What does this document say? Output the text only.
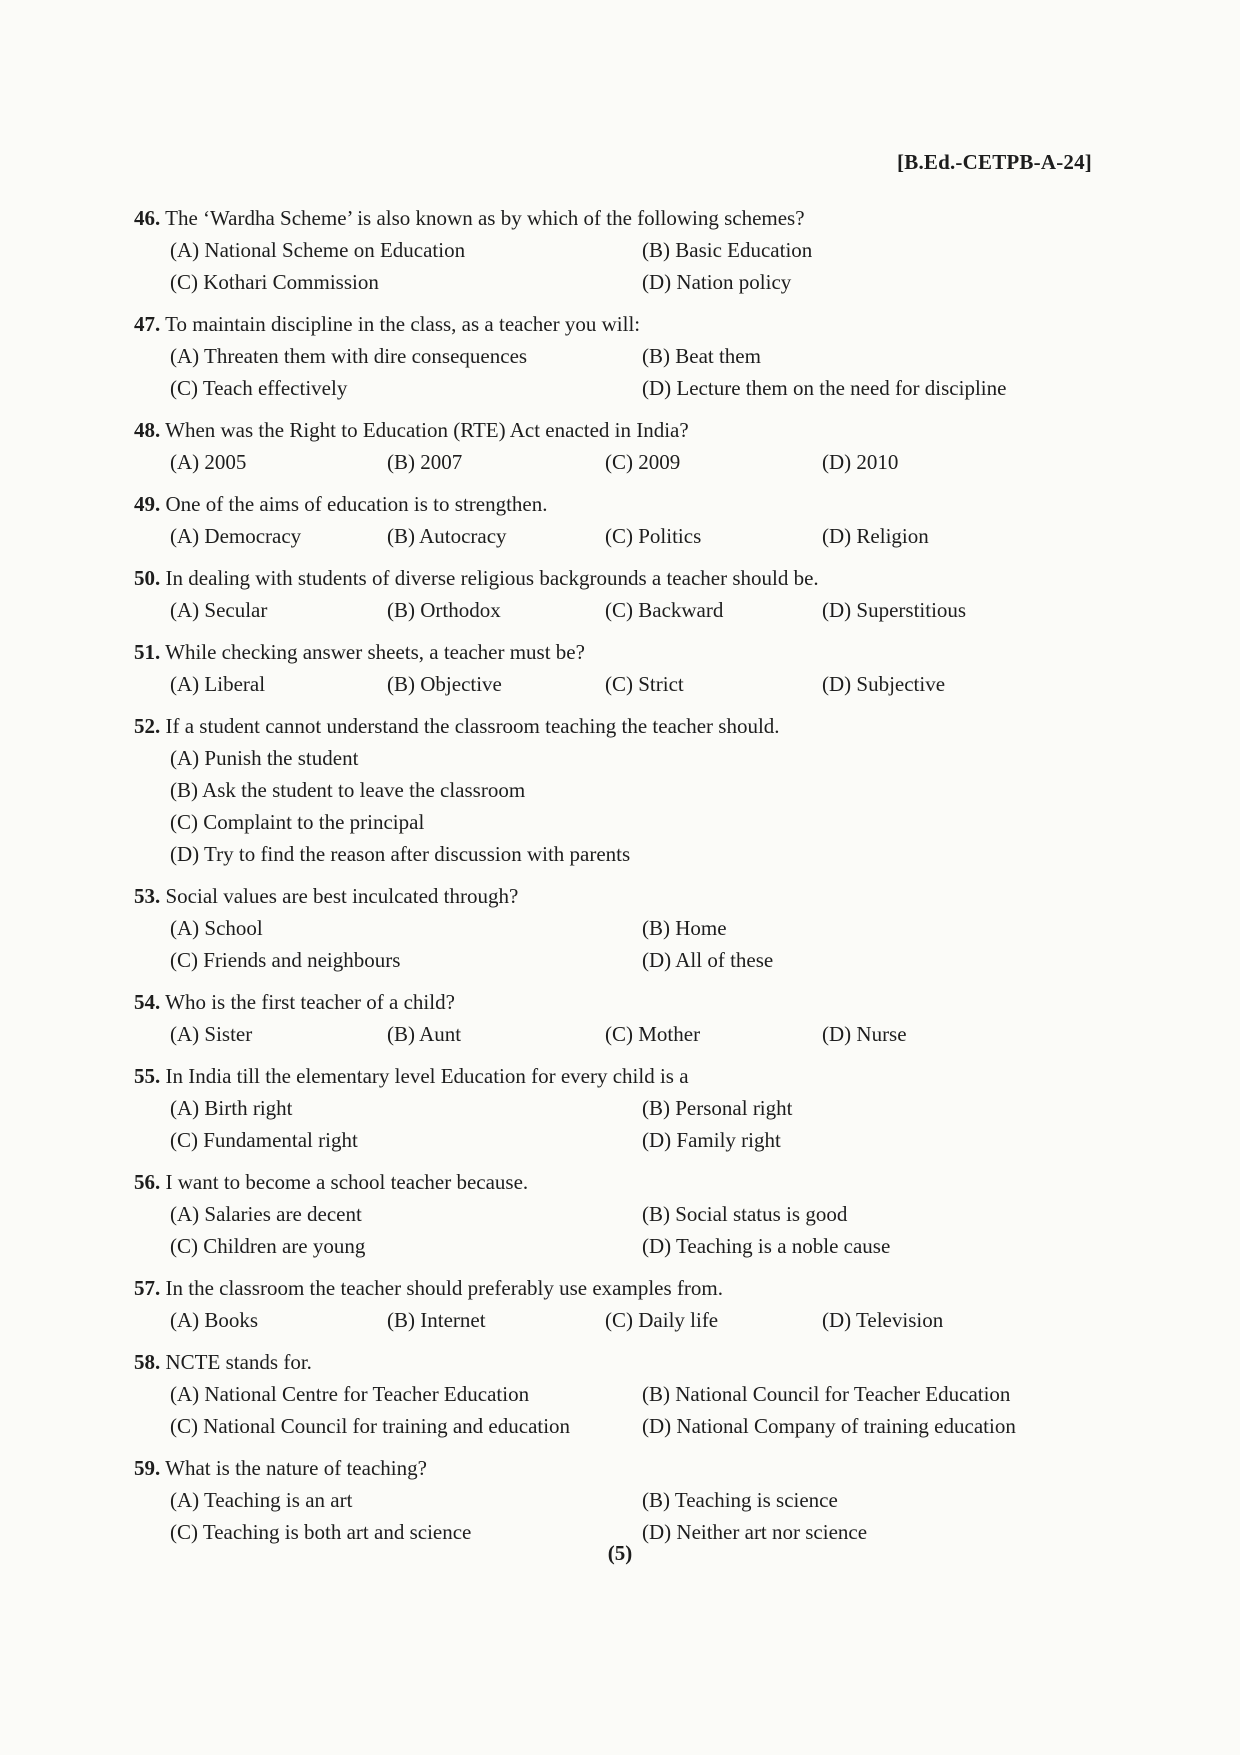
[B.Ed.-CETPB-A-24]
46. The ‘Wardha Scheme’ is also known as by which of the following schemes?
(A) National Scheme on Education	(B) Basic Education
(C) Kothari Commission	(D) Nation policy
47. To maintain discipline in the class, as a teacher you will:
(A) Threaten them with dire consequences	(B) Beat them
(C) Teach effectively	(D) Lecture them on the need for discipline
48. When was the Right to Education (RTE) Act enacted in India?
(A) 2005	(B) 2007	(C) 2009	(D) 2010
49. One of the aims of education is to strengthen.
(A) Democracy	(B) Autocracy	(C) Politics	(D) Religion
50. In dealing with students of diverse religious backgrounds a teacher should be.
(A) Secular	(B) Orthodox	(C) Backward	(D) Superstitious
51. While checking answer sheets, a teacher must be?
(A) Liberal	(B) Objective	(C) Strict	(D) Subjective
52. If a student cannot understand the classroom teaching the teacher should.
(A) Punish the student
(B) Ask the student to leave the classroom
(C) Complaint to the principal
(D) Try to find the reason after discussion with parents
53. Social values are best inculcated through?
(A) School	(B) Home
(C) Friends and neighbours	(D) All of these
54. Who is the first teacher of a child?
(A) Sister	(B) Aunt	(C) Mother	(D) Nurse
55. In India till the elementary level Education for every child is a
(A) Birth right	(B) Personal right
(C) Fundamental right	(D) Family right
56. I want to become a school teacher because.
(A) Salaries are decent	(B) Social status is good
(C) Children are young	(D) Teaching is a noble cause
57. In the classroom the teacher should preferably use examples from.
(A) Books	(B) Internet	(C) Daily life	(D) Television
58. NCTE stands for.
(A) National Centre for Teacher Education	(B) National Council for Teacher Education
(C) National Council for training and education	(D) National Company of training education
59. What is the nature of teaching?
(A) Teaching is an art	(B) Teaching is science
(C) Teaching is both art and science	(D) Neither art nor science
(5)
